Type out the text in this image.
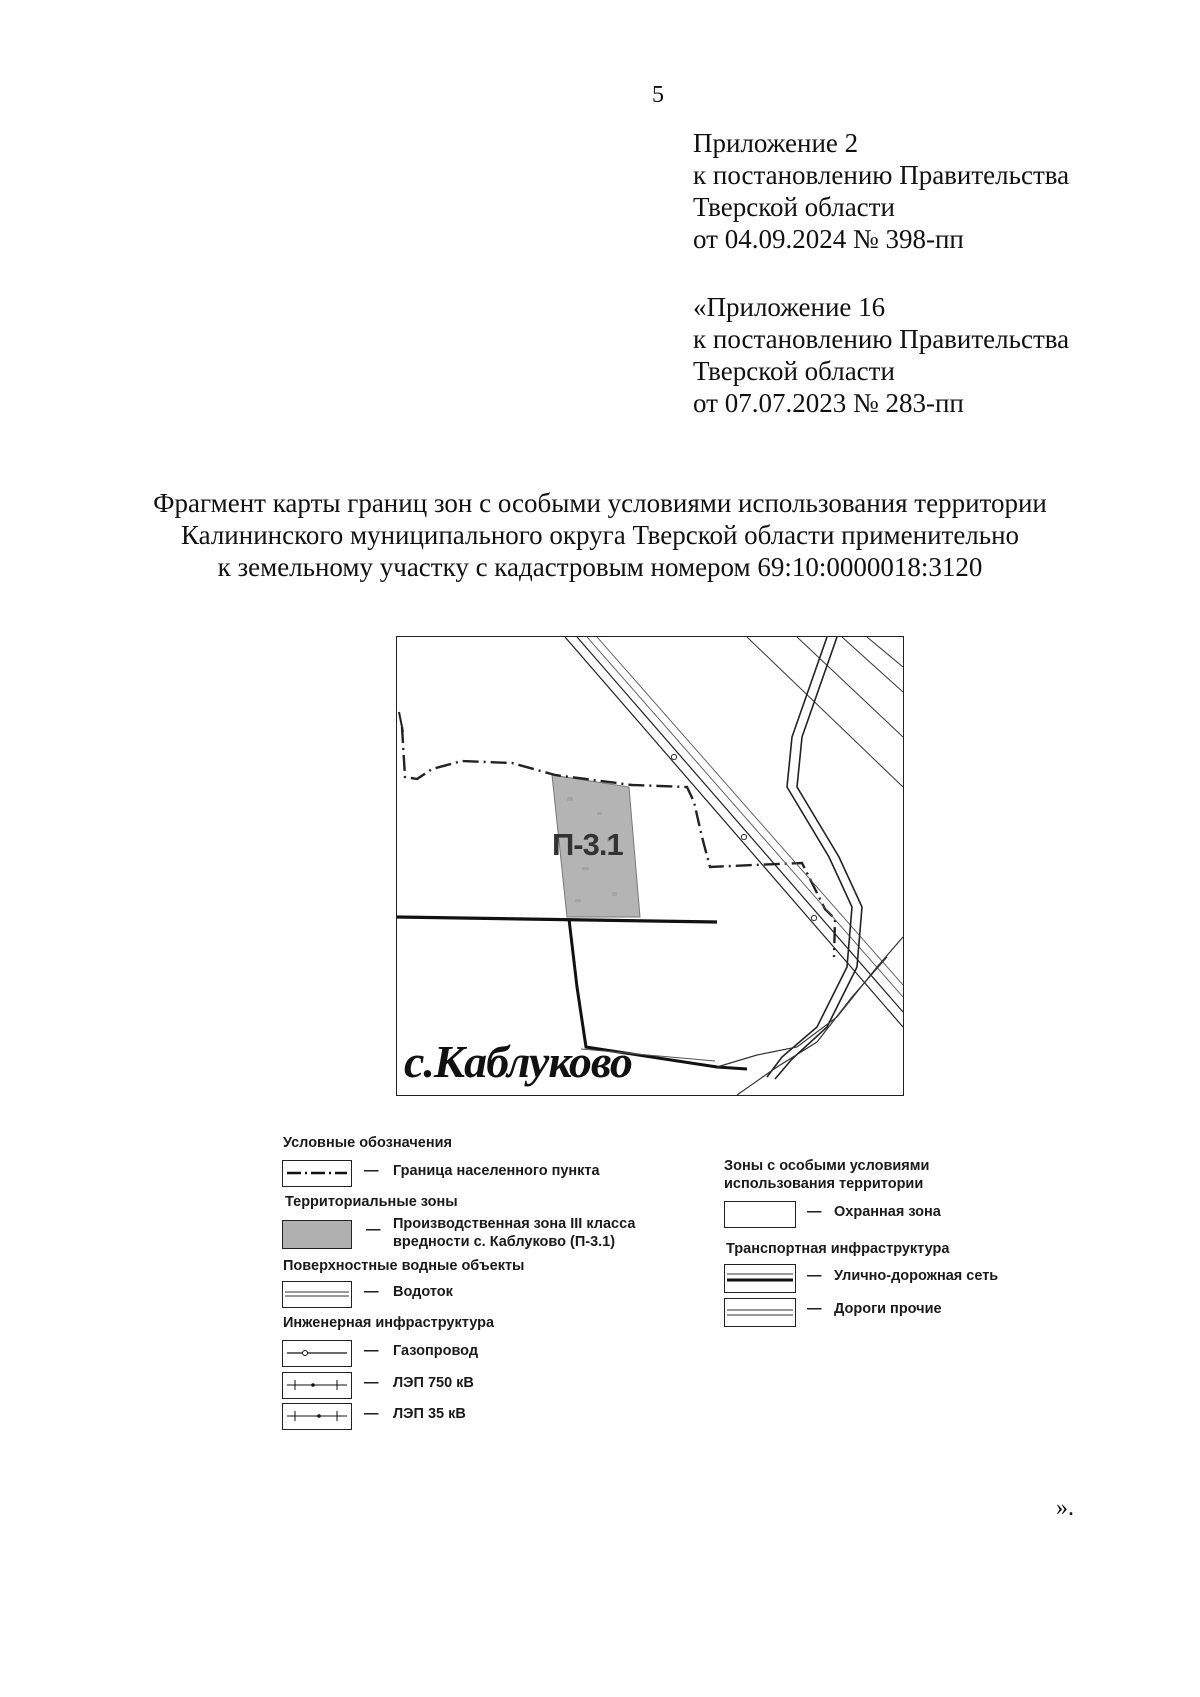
5
Приложение 2
к постановлению Правительства
Тверской области
от 04.09.2024 № 398-пп
«Приложение 16
к постановлению Правительства
Тверской области
от 07.07.2023 № 283-пп
Фрагмент карты границ зон с особыми условиями использования территории
Калининского муниципального округа Тверской области применительно
к земельному участку с кадастровым номером 69:10:0000018:3120
П-3.1
с.Каблуково
Условные обозначения
— Граница населенного пункта
Территориальные зоны
— Производственная зона III класса
вредности с. Каблуково (П-3.1)
Поверхностные водные объекты
— Водоток
Инженерная инфраструктура
— Газопровод
— ЛЭП 750 кВ
— ЛЭП 35 кВ
Зоны с особыми условиями
использования территории
— Охранная зона
Транспортная инфраструктура
— Улично-дорожная сеть
— Дороги прочие
».
